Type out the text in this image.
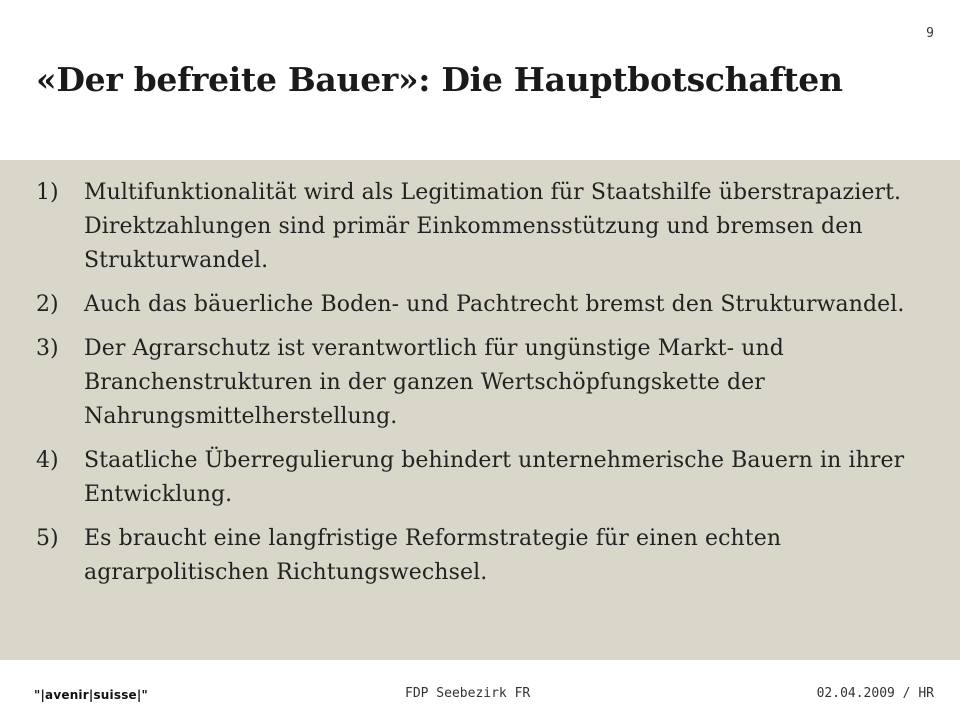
9
«Der befreite Bauer»: Die Hauptbotschaften
1)	Multifunktionalität wird als Legitimation für Staatshilfe überstrapaziert. Direktzahlungen sind primär Einkommensstützung und bremsen den Strukturwandel.
2)	Auch das bäuerliche Boden- und Pachtrecht bremst den Strukturwandel.
3)	Der Agrarschutz ist verantwortlich für ungünstige Markt- und Branchenstrukturen in der ganzen Wertschöpfungskette der Nahrungsmittelherstellung.
4)	Staatliche Überregulierung behindert unternehmerische Bauern in ihrer Entwicklung.
5)	Es braucht eine langfristige Reformstrategie für einen echten agrarpolitischen Richtungswechsel.
"|avenir|suisse|"	FDP Seebezirk FR	02.04.2009 / HR
